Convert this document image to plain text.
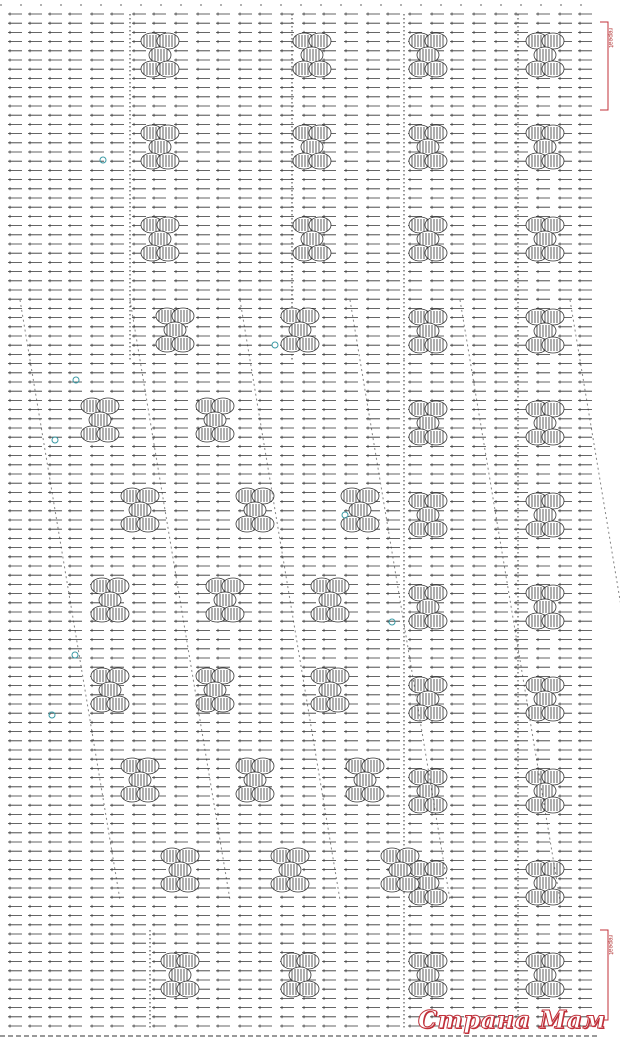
repeat
repeat
Страна Мам
